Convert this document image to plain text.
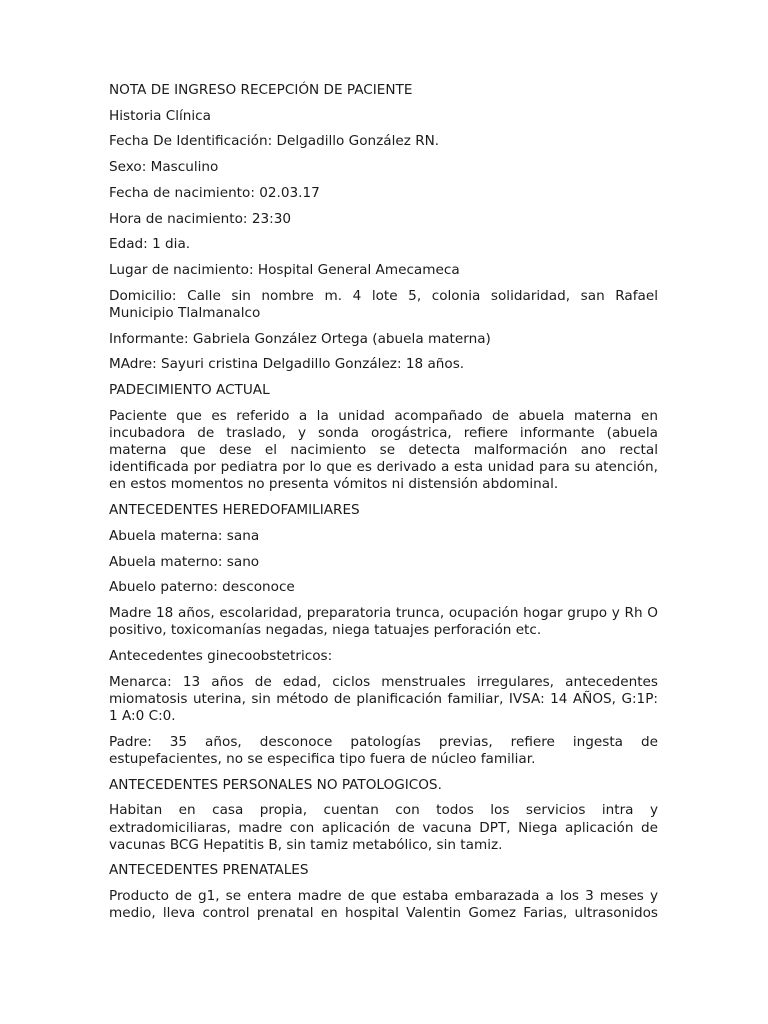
NOTA DE INGRESO RECEPCIÓN DE PACIENTE

Historia Clínica

Fecha De Identificación: Delgadillo González RN.

Sexo: Masculino

Fecha de nacimiento: 02.03.17

Hora de nacimiento: 23:30

Edad: 1 dia.

Lugar de nacimiento: Hospital General Amecameca

Domicilio: Calle sin nombre m. 4 lote 5, colonia solidaridad, san Rafael Municipio Tlalmanalco

Informante: Gabriela González Ortega (abuela materna)

MAdre: Sayuri cristina Delgadillo González: 18 años.

PADECIMIENTO ACTUAL

Paciente que es referido a la unidad acompañado de abuela materna en incubadora de traslado, y sonda orogástrica, refiere informante (abuela materna que dese el nacimiento se detecta malformación ano rectal identificada por pediatra por lo que es derivado a esta unidad para su atención, en estos momentos no presenta vómitos ni distensión abdominal.

ANTECEDENTES HEREDOFAMILIARES

Abuela materna: sana

Abuela materno: sano

Abuelo paterno: desconoce

Madre 18 años, escolaridad, preparatoria trunca, ocupación hogar grupo y Rh O positivo, toxicomanías negadas, niega tatuajes perforación etc.

Antecedentes ginecoobstetricos:

Menarca: 13 años de edad, ciclos menstruales irregulares, antecedentes miomatosis uterina, sin método de planificación familiar, IVSA: 14 AÑOS, G:1P: 1 A:0 C:0.

Padre: 35 años, desconoce patologías previas, refiere ingesta de estupefacientes, no se especifica tipo fuera de núcleo familiar.

ANTECEDENTES PERSONALES NO PATOLOGICOS.

Habitan en casa propia, cuentan con todos los servicios intra y extradomiciliaras, madre con aplicación de vacuna DPT, Niega aplicación de vacunas BCG Hepatitis B, sin tamiz metabólico, sin tamiz.

ANTECEDENTES PRENATALES

Producto de g1, se entera madre de que estaba embarazada a los 3 meses y medio, lleva control prenatal en hospital Valentin Gomez Farias, ultrasonidos
